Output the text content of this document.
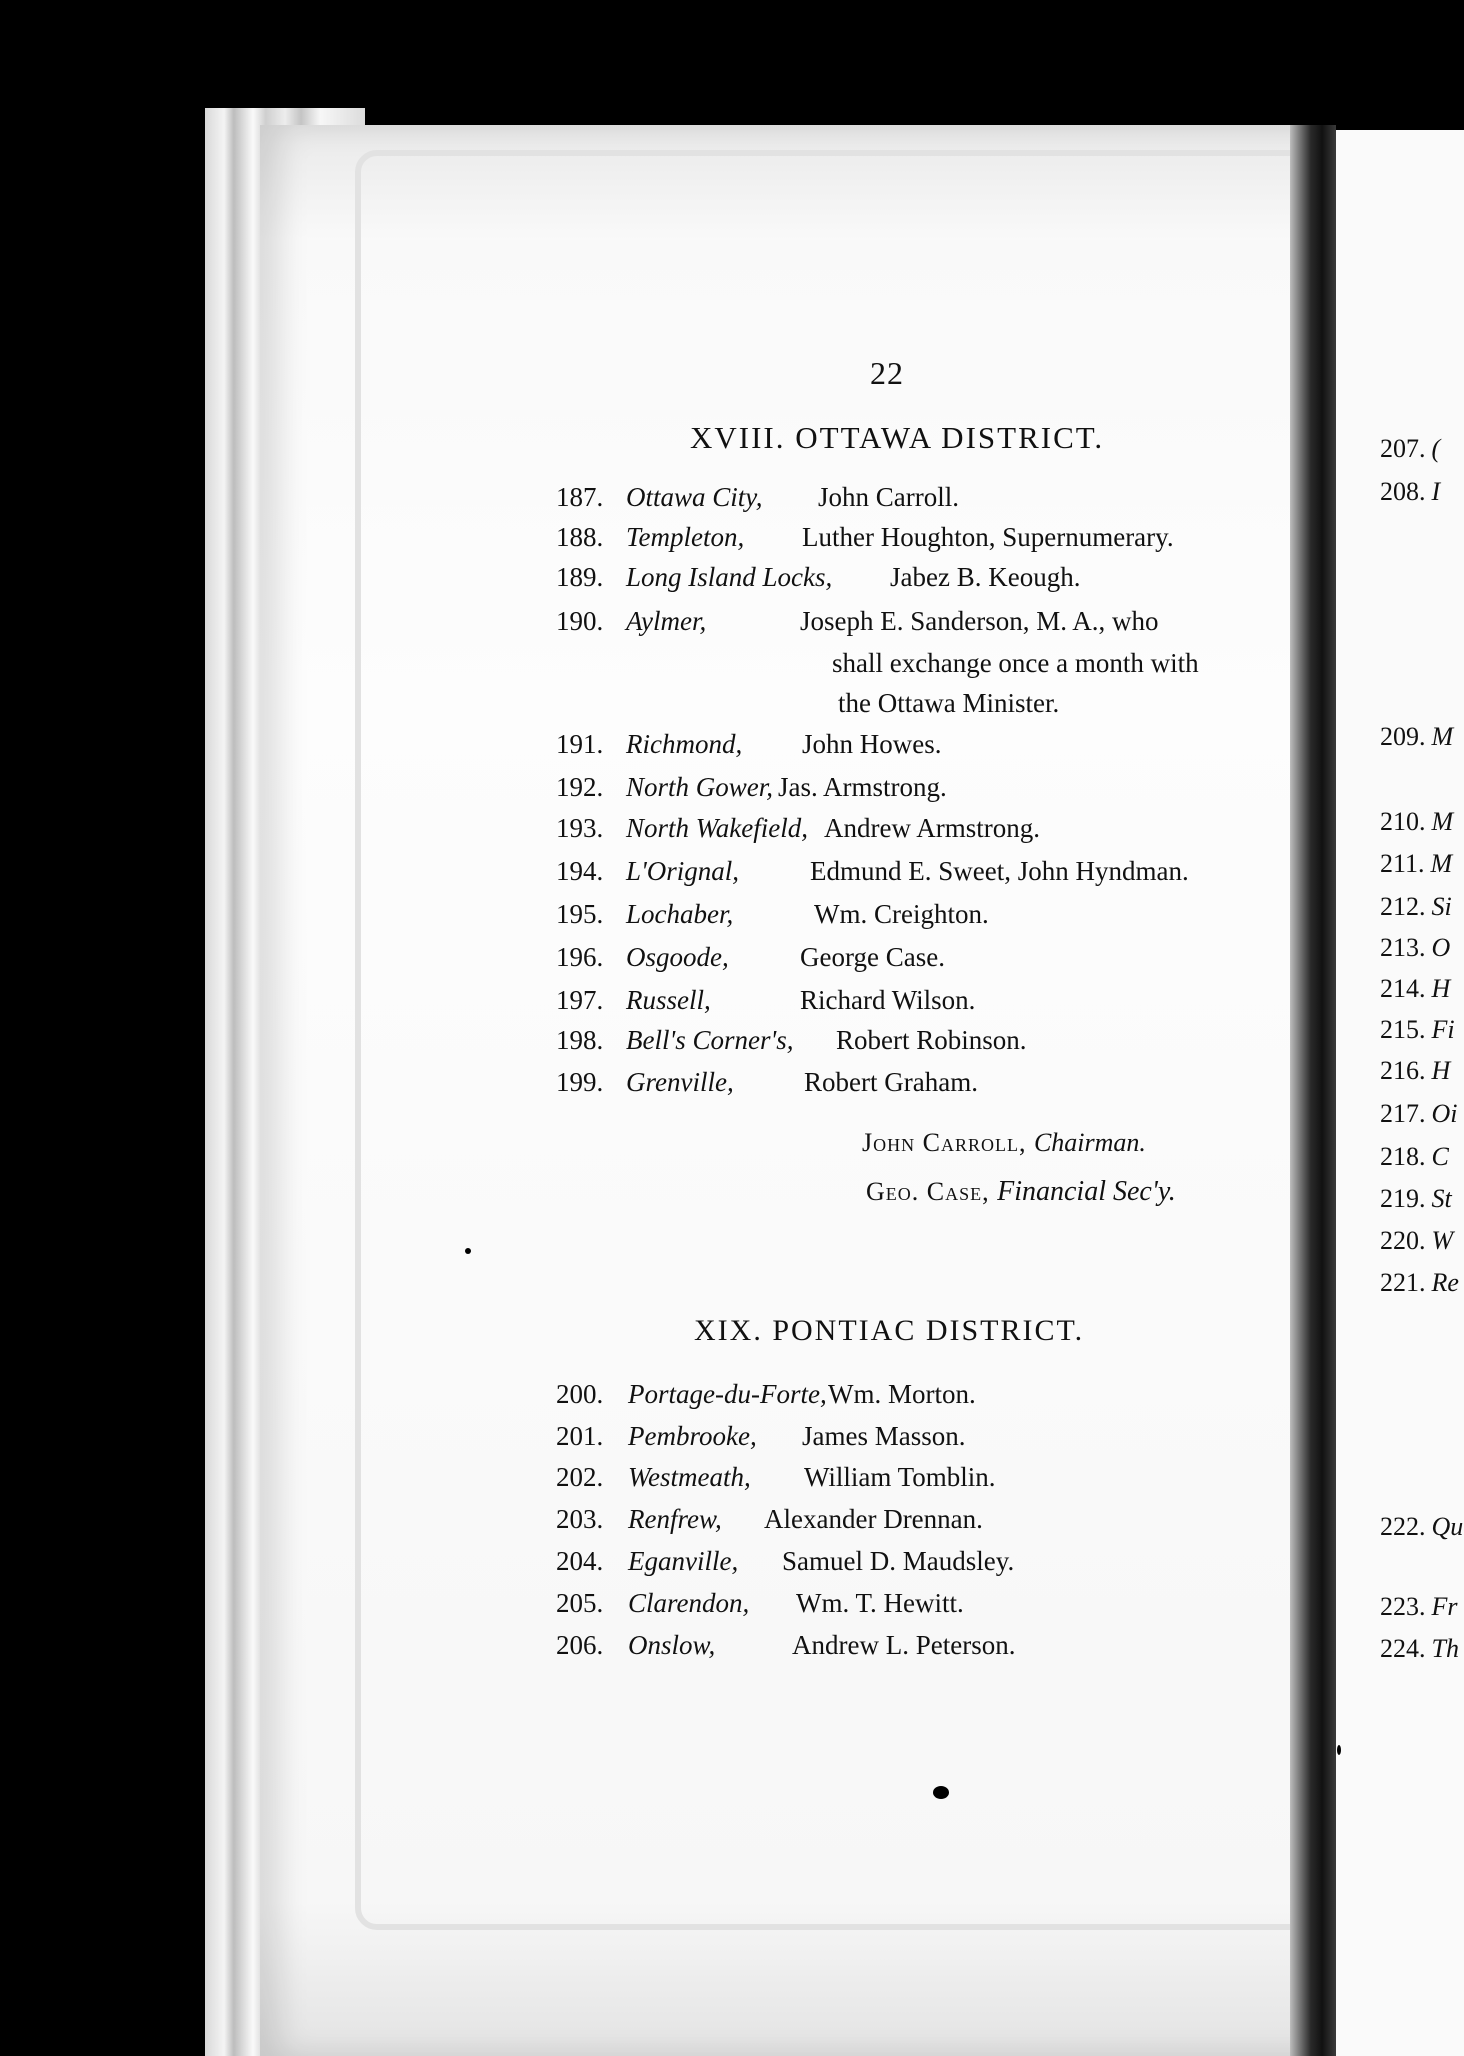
22
XVIII. OTTAWA DISTRICT.
187. Ottawa City, John Carroll.
188. Templeton, Luther Houghton, Supernumerary.
189. Long Island Locks, Jabez B. Keough.
190. Aylmer,	Joseph E. Sanderson, M. A., who
shall exchange once a month with
the Ottawa Minister.
191. Richmond, John Howes.
192. North Gower, Jas. Armstrong.
193. North Wakefield, Andrew Armstrong.
194. L'Orignal,	Edmund E. Sweet, John Hyndman.
195. Lochaber,	Wm. Creighton.
196. Osgoode,	George Case.
197. Russell,	Richard Wilson.
198. Bell's Corner's, Robert Robinson.
199. Grenville,	Robert Graham.
John Carroll, Chairman.
Geo. Case, Financial Sec'y.
XIX. PONTIAC DISTRICT.
200. Portage-du-Forte, Wm. Morton.
201. Pembrooke, James Masson.
202. Westmeath, William Tomblin.
203. Renfrew, Alexander Drennan.
204. Eganville, Samuel D. Maudsley.
205. Clarendon, Wm. T. Hewitt.
206. Onslow,	Andrew L. Peterson.
207. (
208. I
209. M
210. M
211. M
212. Si
213. O
214. H
215. Fi
216. H
217. Oi
218. C
219. St
220. W
221. Re
222. Qu
223. Fr
224. Th
